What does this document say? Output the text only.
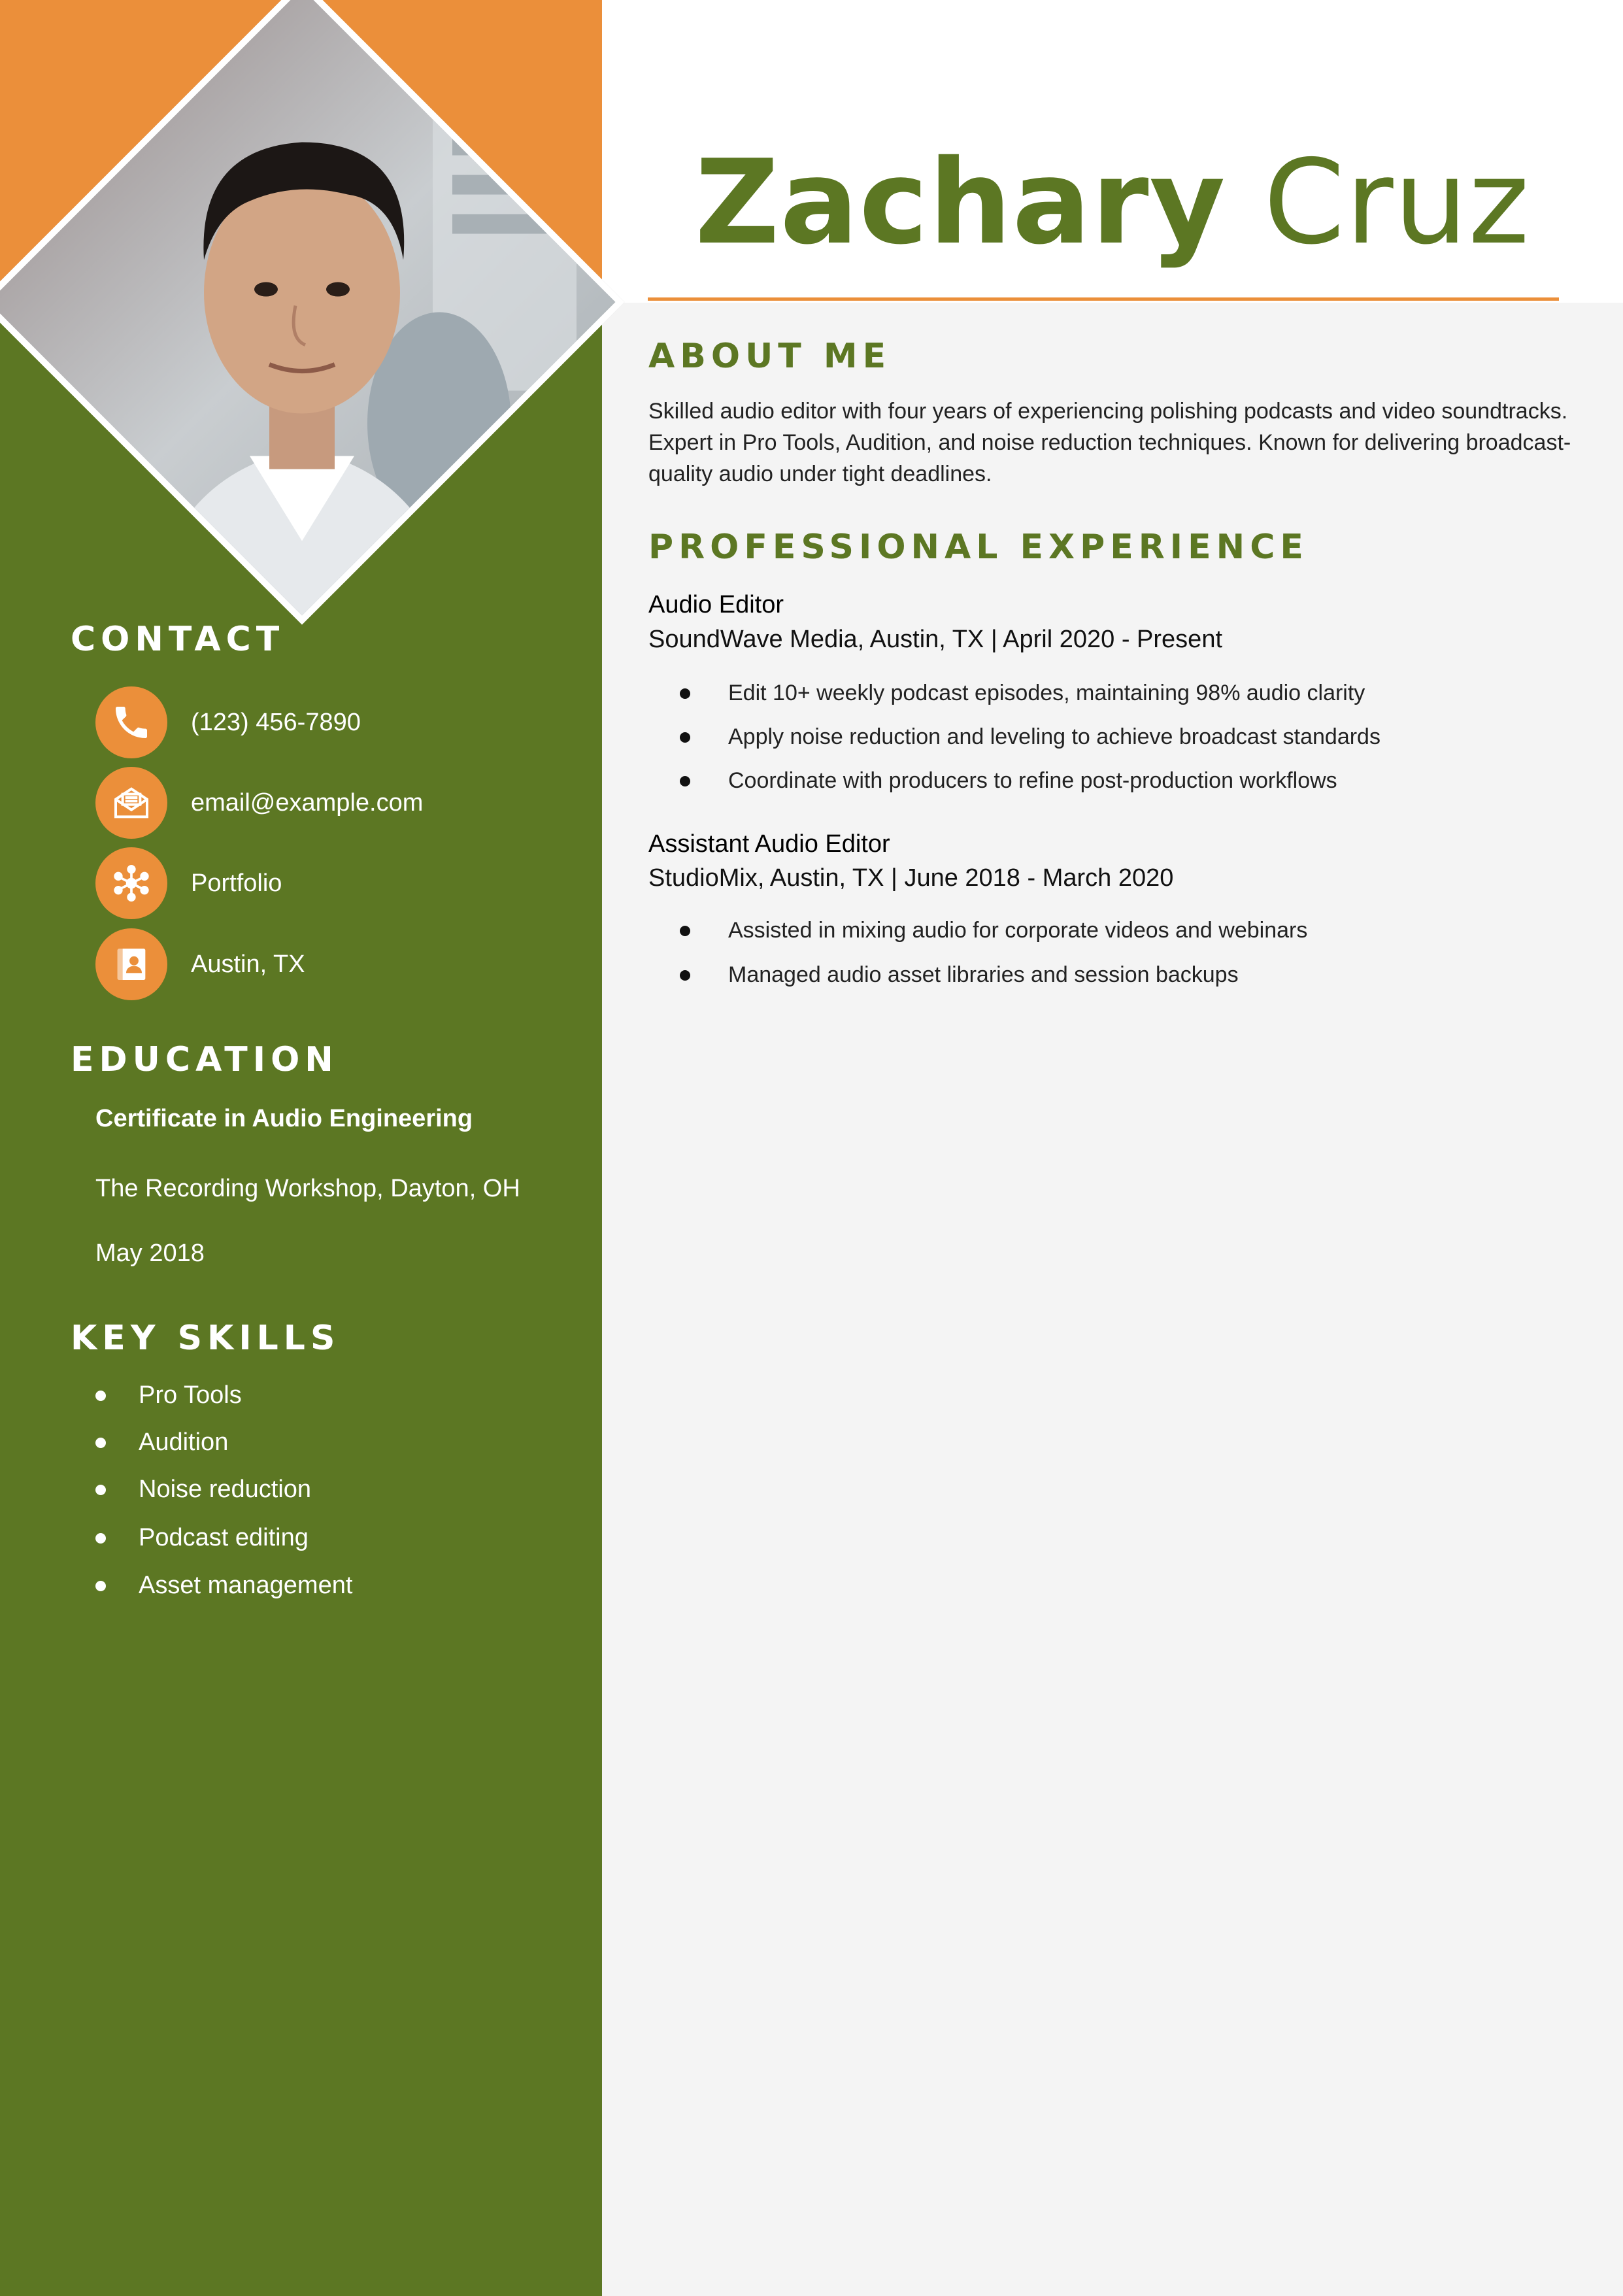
Zachary Cruz
CONTACT
(123) 456-7890
email@example.com
Portfolio
Austin, TX
EDUCATION
Certificate in Audio Engineering
The Recording Workshop, Dayton, OH
May 2018
KEY SKILLS
Pro Tools
Audition
Noise reduction
Podcast editing
Asset management
ABOUT ME
Skilled audio editor with four years of experiencing polishing podcasts and video soundtracks. Expert in Pro Tools, Audition, and noise reduction techniques. Known for delivering broadcast-quality audio under tight deadlines.
PROFESSIONAL EXPERIENCE
Audio Editor
SoundWave Media, Austin, TX | April 2020 - Present
Edit 10+ weekly podcast episodes, maintaining 98% audio clarity
Apply noise reduction and leveling to achieve broadcast standards
Coordinate with producers to refine post-production workflows
Assistant Audio Editor
StudioMix, Austin, TX | June 2018 - March 2020
Assisted in mixing audio for corporate videos and webinars
Managed audio asset libraries and session backups
